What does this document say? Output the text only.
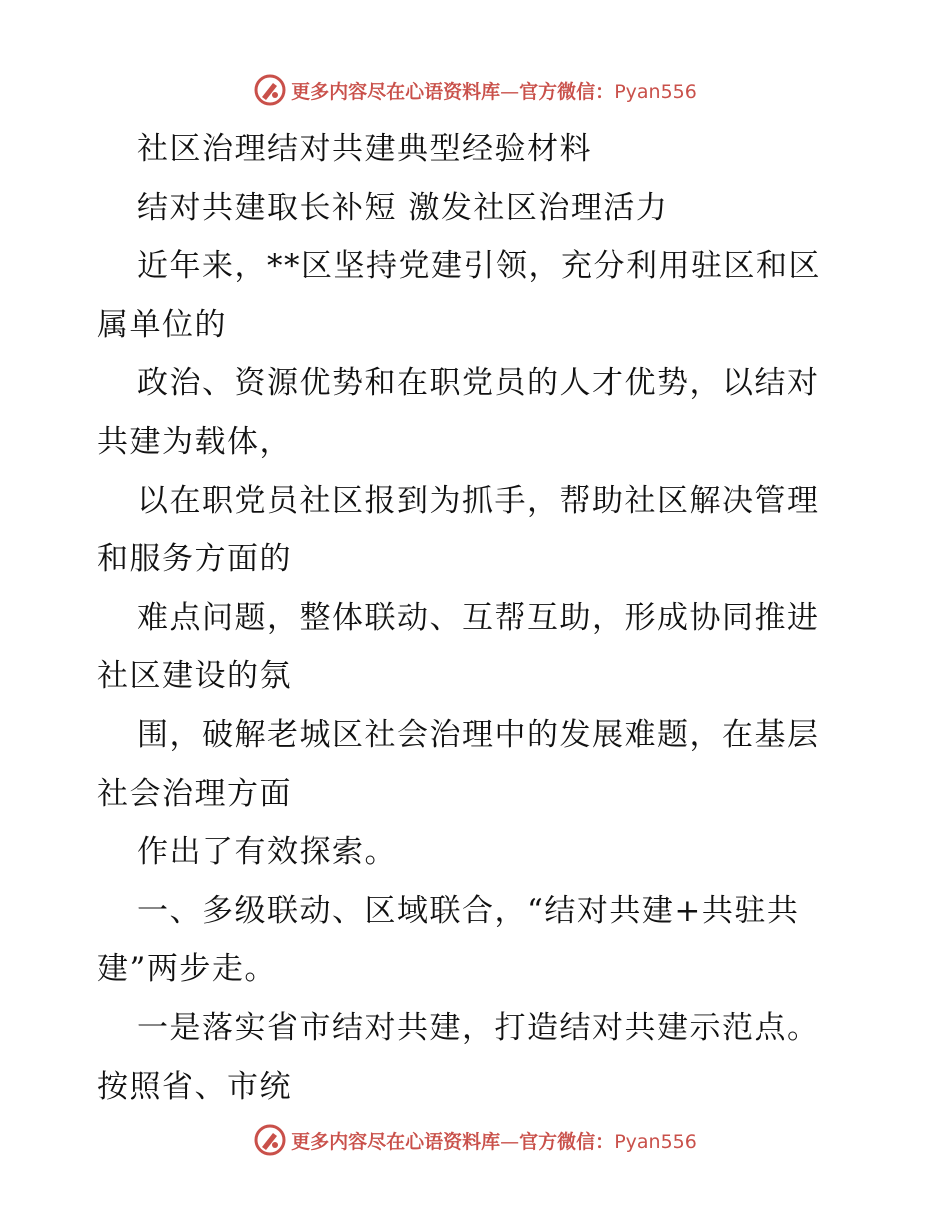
更多内容尽在心语资料库—官方微信：Pyan556
社区治理结对共建典型经验材料
结对共建取长补短 激发社区治理活力
近年来，**区坚持党建引领，充分利用驻区和区
属单位的
政治、资源优势和在职党员的人才优势，以结对
共建为载体，
以在职党员社区报到为抓手，帮助社区解决管理
和服务方面的
难点问题，整体联动、互帮互助，形成协同推进
社区建设的氛
围，破解老城区社会治理中的发展难题，在基层
社会治理方面
作出了有效探索。
一、多级联动、区域联合，“结对共建+共驻共
建”两步走。
一是落实省市结对共建，打造结对共建示范点。
按照省、市统
更多内容尽在心语资料库—官方微信：Pyan556
